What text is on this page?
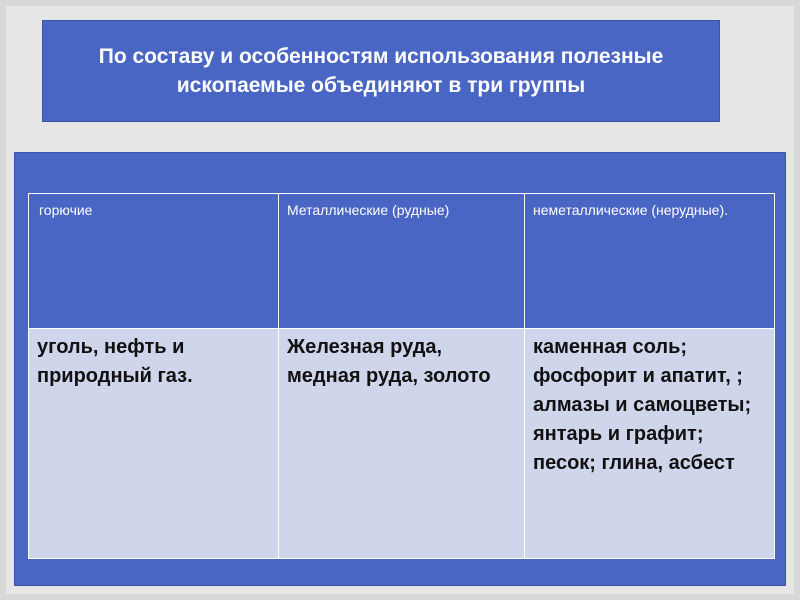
По составу и особенностям использования полезные ископаемые объединяют в три группы
горючие	Металлические (рудные)	неметаллические (нерудные).
уголь, нефть и природный газ.	Железная руда, медная руда, золото	каменная соль; фосфорит и апатит, ; алмазы и самоцветы; янтарь и графит; песок; глина, асбест
